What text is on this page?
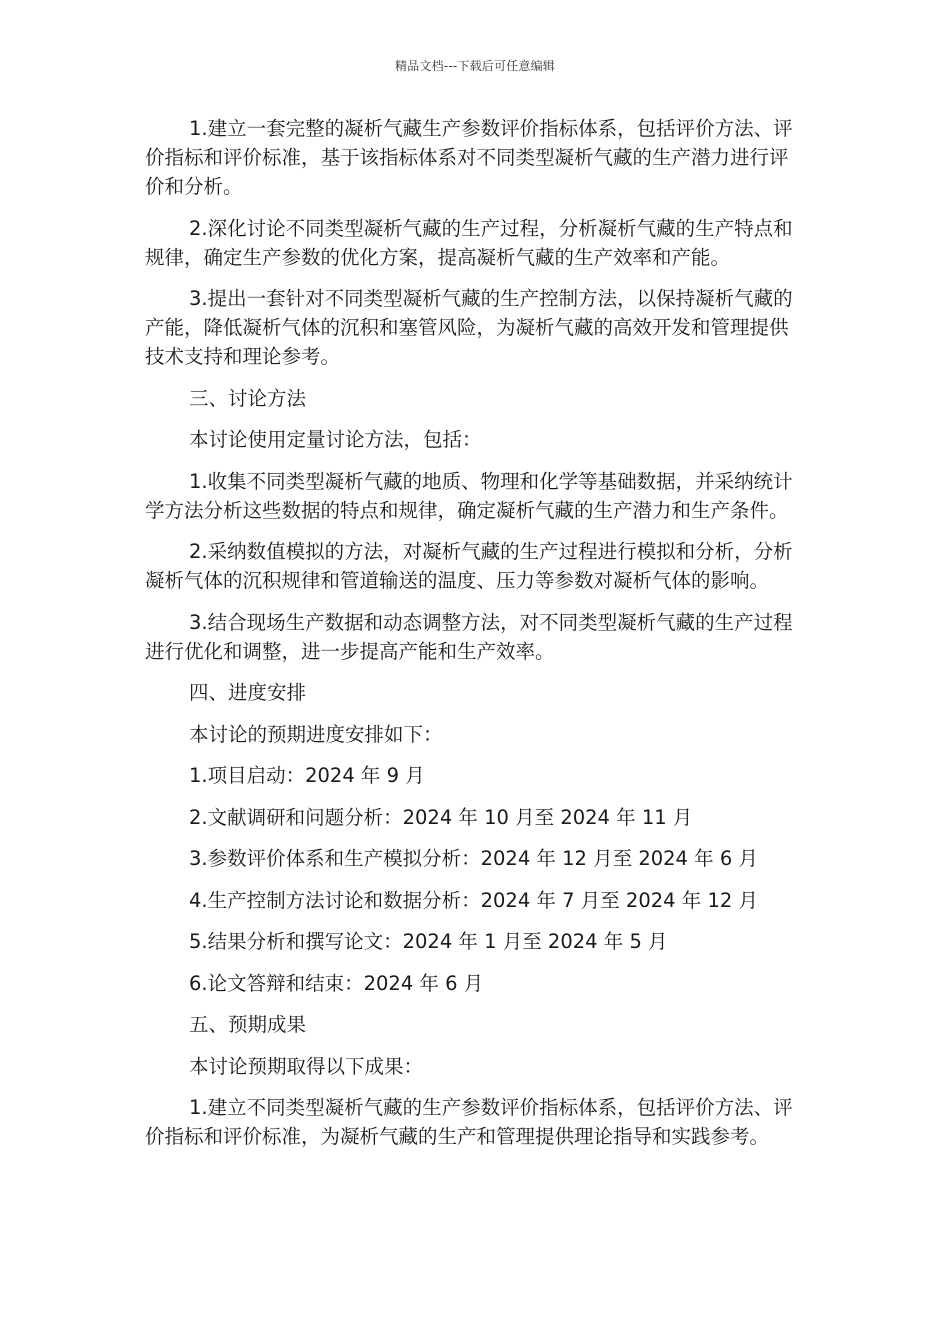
精品文档---下载后可任意编辑

1.建立一套完整的凝析气藏生产参数评价指标体系，包括评价方法、评价指标和评价标准，基于该指标体系对不同类型凝析气藏的生产潜力进行评价和分析。

2.深化讨论不同类型凝析气藏的生产过程，分析凝析气藏的生产特点和规律，确定生产参数的优化方案，提高凝析气藏的生产效率和产能。

3.提出一套针对不同类型凝析气藏的生产控制方法，以保持凝析气藏的产能，降低凝析气体的沉积和塞管风险，为凝析气藏的高效开发和管理提供技术支持和理论参考。

三、讨论方法

本讨论使用定量讨论方法，包括：

1.收集不同类型凝析气藏的地质、物理和化学等基础数据，并采纳统计学方法分析这些数据的特点和规律，确定凝析气藏的生产潜力和生产条件。

2.采纳数值模拟的方法，对凝析气藏的生产过程进行模拟和分析，分析凝析气体的沉积规律和管道输送的温度、压力等参数对凝析气体的影响。

3.结合现场生产数据和动态调整方法，对不同类型凝析气藏的生产过程进行优化和调整，进一步提高产能和生产效率。

四、进度安排

本讨论的预期进度安排如下：

1.项目启动：2024 年 9 月

2.文献调研和问题分析：2024 年 10 月至 2024 年 11 月

3.参数评价体系和生产模拟分析：2024 年 12 月至 2024 年 6 月

4.生产控制方法讨论和数据分析：2024 年 7 月至 2024 年 12 月

5.结果分析和撰写论文：2024 年 1 月至 2024 年 5 月

6.论文答辩和结束：2024 年 6 月

五、预期成果

本讨论预期取得以下成果：

1.建立不同类型凝析气藏的生产参数评价指标体系，包括评价方法、评价指标和评价标准，为凝析气藏的生产和管理提供理论指导和实践参考。
